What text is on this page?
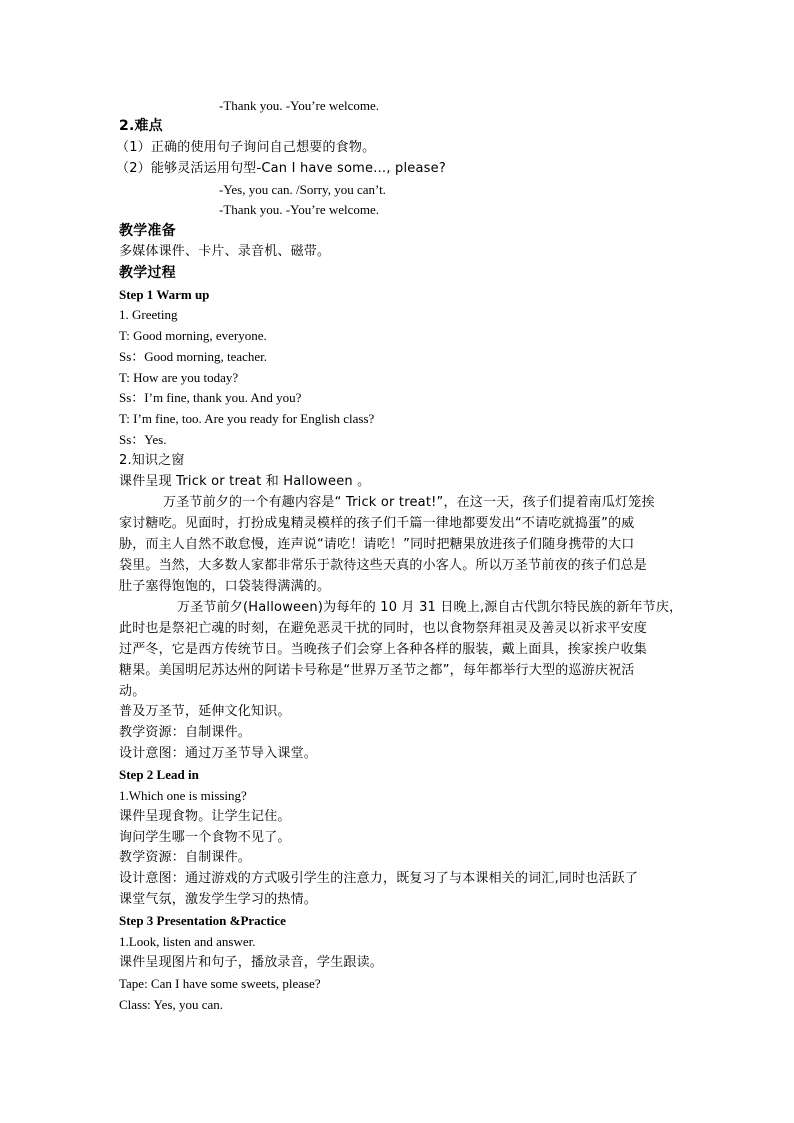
-Thank you. -You’re welcome.
2.难点
（1）正确的使用句子询问自己想要的食物。
（2）能够灵活运用句型-Can I have some…, please?
-Yes, you can. /Sorry, you can’t.
-Thank you. -You’re welcome.
教学准备
多媒体课件、卡片、录音机、磁带。
教学过程
Step 1 Warm up
1. Greeting
T: Good morning, everyone.
Ss：Good morning, teacher.
T: How are you today?
Ss：I’m fine, thank you. And you?
T: I’m fine, too. Are you ready for English class?
Ss：Yes.
2.知识之窗
课件呈现 Trick or treat 和 Halloween 。
万圣节前夕的一个有趣内容是“ Trick or treat!”，在这一天，孩子们提着南瓜灯笼挨
家讨糖吃。见面时，打扮成鬼精灵模样的孩子们千篇一律地都要发出“不请吃就捣蛋”的威
胁，而主人自然不敢怠慢，连声说“请吃！请吃！”同时把糖果放进孩子们随身携带的大口
袋里。当然，大多数人家都非常乐于款待这些天真的小客人。所以万圣节前夜的孩子们总是
肚子塞得饱饱的，口袋装得满满的。
万圣节前夕(Halloween)为每年的 10 月 31 日晚上,源自古代凯尔特民族的新年节庆，
此时也是祭祀亡魂的时刻，在避免恶灵干扰的同时，也以食物祭拜祖灵及善灵以祈求平安度
过严冬，它是西方传统节日。当晚孩子们会穿上各种各样的服装，戴上面具，挨家挨户收集
糖果。美国明尼苏达州的阿诺卡号称是“世界万圣节之都”，每年都举行大型的巡游庆祝活
动。
普及万圣节，延伸文化知识。
教学资源：自制课件。
设计意图：通过万圣节导入课堂。
Step 2 Lead in
1.Which one is missing?
课件呈现食物。让学生记住。
询问学生哪一个食物不见了。
教学资源：自制课件。
设计意图：通过游戏的方式吸引学生的注意力，既复习了与本课相关的词汇,同时也活跃了
课堂气氛，激发学生学习的热情。
Step 3 Presentation &Practice
1.Look, listen and answer.
课件呈现图片和句子，播放录音，学生跟读。
Tape: Can I have some sweets, please?
Class: Yes, you can.
